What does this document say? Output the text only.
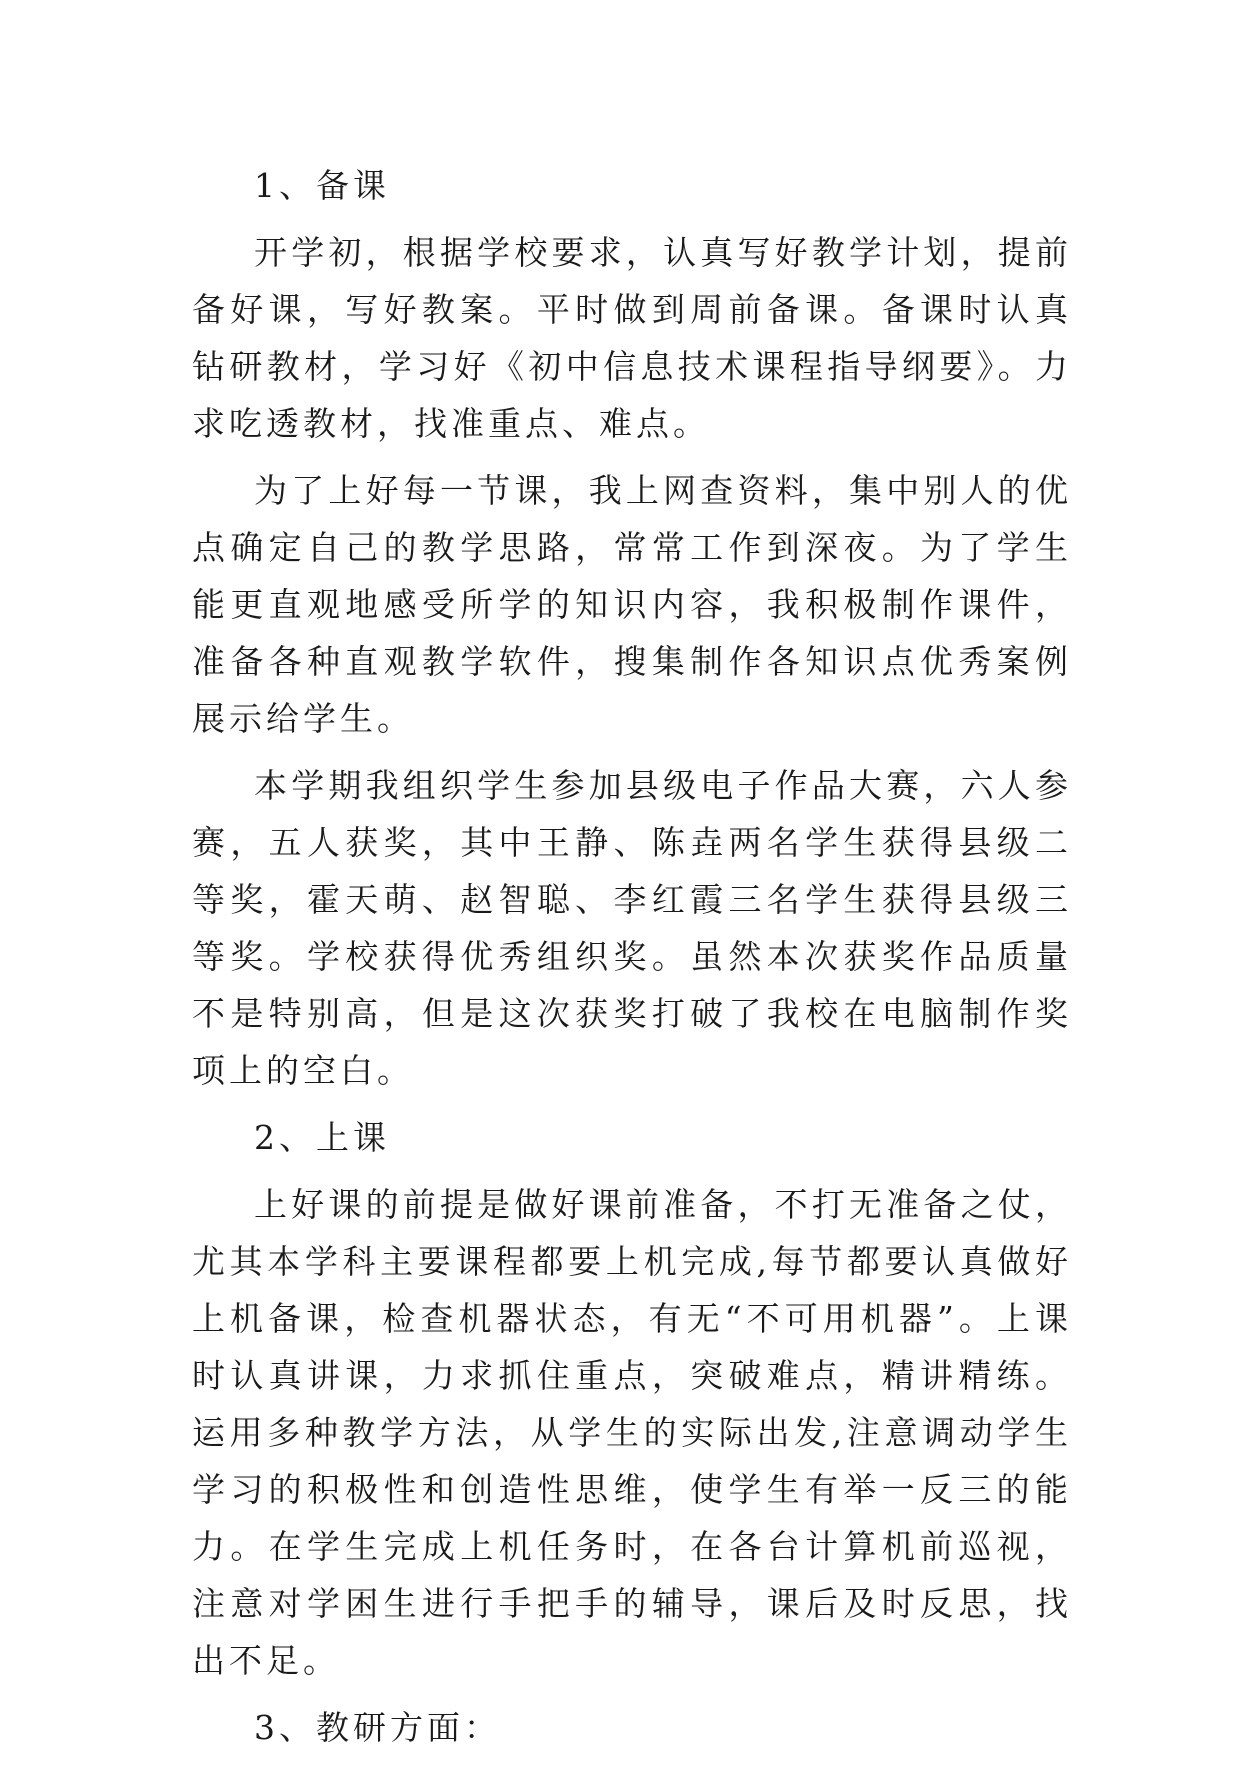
1、备课
开学初，根据学校要求，认真写好教学计划，提前备好课，写好教案。平时做到周前备课。备课时认真钻研教材，学习好《初中信息技术课程指导纲要》。力求吃透教材，找准重点、难点。
为了上好每一节课，我上网查资料，集中别人的优点确定自己的教学思路，常常工作到深夜。为了学生能更直观地感受所学的知识内容，我积极制作课件，准备各种直观教学软件，搜集制作各知识点优秀案例展示给学生。
本学期我组织学生参加县级电子作品大赛，六人参赛，五人获奖，其中王静、陈垚两名学生获得县级二等奖，霍天萌、赵智聪、李红霞三名学生获得县级三等奖。学校获得优秀组织奖。虽然本次获奖作品质量不是特别高，但是这次获奖打破了我校在电脑制作奖项上的空白。
2、上课
上好课的前提是做好课前准备，不打无准备之仗，尤其本学科主要课程都要上机完成,每节都要认真做好上机备课，检查机器状态，有无“不可用机器”。上课时认真讲课，力求抓住重点，突破难点，精讲精练。运用多种教学方法，从学生的实际出发,注意调动学生学习的积极性和创造性思维，使学生有举一反三的能力。在学生完成上机任务时，在各台计算机前巡视，注意对学困生进行手把手的辅导，课后及时反思，找出不足。
3、教研方面：
